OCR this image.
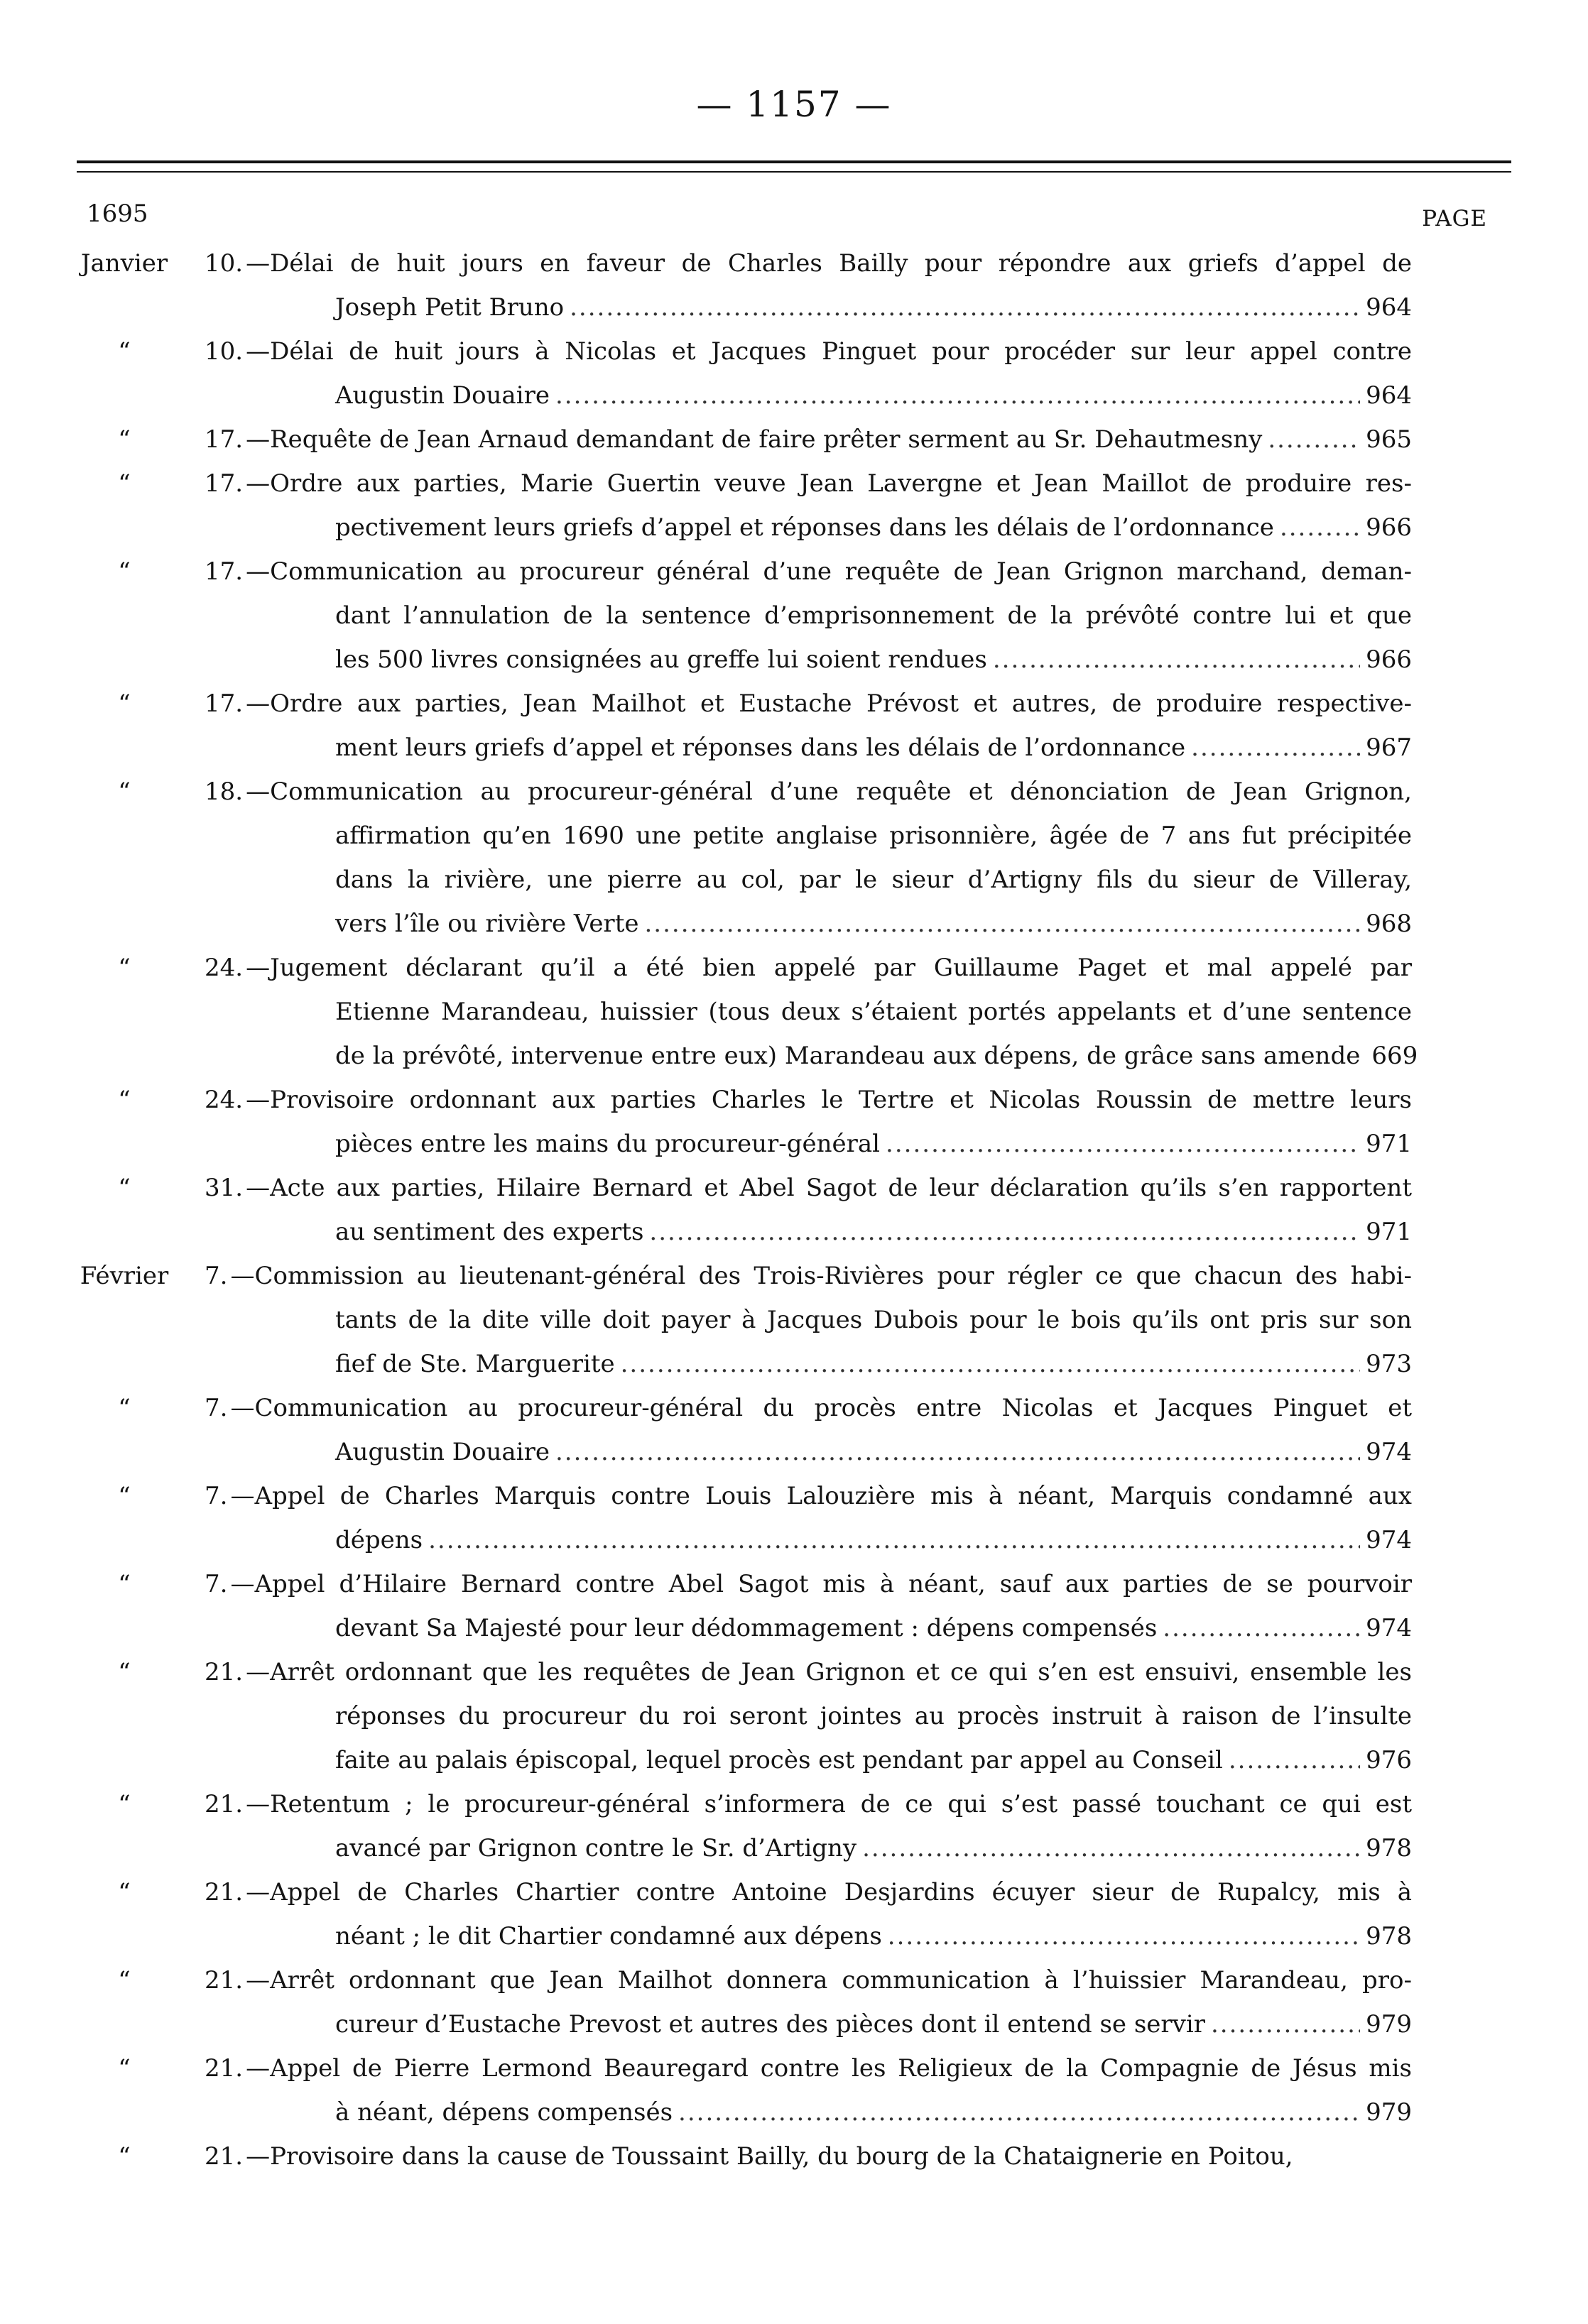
— 1157 —
1695	PAGE
Janvier	10. —Délai de huit jours en faveur de Charles Bailly pour répondre aux griefs d’appel de
Joseph Petit Bruno .....	964
“	10. —Délai de huit jours à Nicolas et Jacques Pinguet pour procéder sur leur appel contre
Augustin Douaire .....	964
“	17. —Requête de Jean Arnaud demandant de faire prêter serment au Sr. Dehautmesny .....	965
“	17. —Ordre aux parties, Marie Guertin veuve Jean Lavergne et Jean Maillot de produire res-
pectivement leurs griefs d’appel et réponses dans les délais de l’ordonnance .....	966
“	17. —Communication au procureur général d’une requête de Jean Grignon marchand, deman-
dant l’annulation de la sentence d’emprisonnement de la prévôté contre lui et que
les 500 livres consignées au greffe lui soient rendues .....	966
“	17. —Ordre aux parties, Jean Mailhot et Eustache Prévost et autres, de produire respective-
ment leurs griefs d’appel et réponses dans les délais de l’ordonnance .....	967
“	18. —Communication au procureur-général d’une requête et dénonciation de Jean Grignon,
affirmation qu’en 1690 une petite anglaise prisonnière, âgée de 7 ans fut précipitée
dans la rivière, une pierre au col, par le sieur d’Artigny fils du sieur de Villeray,
vers l’île ou rivière Verte .....	968
“	24. —Jugement déclarant qu’il a été bien appelé par Guillaume Paget et mal appelé par
Etienne Marandeau, huissier (tous deux s’étaient portés appelants et d’une sentence
de la prévôté, intervenue entre eux) Marandeau aux dépens, de grâce sans amende 669
“	24. —Provisoire ordonnant aux parties Charles le Tertre et Nicolas Roussin de mettre leurs
pièces entre les mains du procureur-général .....	971
“	31. —Acte aux parties, Hilaire Bernard et Abel Sagot de leur déclaration qu’ils s’en rapportent
au sentiment des experts .....	971
Février	7. —Commission au lieutenant-général des Trois-Rivières pour régler ce que chacun des habi-
tants de la dite ville doit payer à Jacques Dubois pour le bois qu’ils ont pris sur son
fief de Ste. Marguerite .....	973
“	7. —Communication au procureur-général du procès entre Nicolas et Jacques Pinguet et
Augustin Douaire .....	974
“	7. —Appel de Charles Marquis contre Louis Lalouzière mis à néant, Marquis condamné aux
dépens .....	974
“	7. —Appel d’Hilaire Bernard contre Abel Sagot mis à néant, sauf aux parties de se pourvoir
devant Sa Majesté pour leur dédommagement : dépens compensés .....	974
“	21. —Arrêt ordonnant que les requêtes de Jean Grignon et ce qui s’en est ensuivi, ensemble les
réponses du procureur du roi seront jointes au procès instruit à raison de l’insulte
faite au palais épiscopal, lequel procès est pendant par appel au Conseil .....	976
“	21. —Retentum ; le procureur-général s’informera de ce qui s’est passé touchant ce qui est
avancé par Grignon contre le Sr. d’Artigny .....	978
“	21. —Appel de Charles Chartier contre Antoine Desjardins écuyer sieur de Rupalcy, mis à
néant ; le dit Chartier condamné aux dépens .....	978
“	21. —Arrêt ordonnant que Jean Mailhot donnera communication à l’huissier Marandeau, pro-
cureur d’Eustache Prevost et autres des pièces dont il entend se servir .....	979
“	21. —Appel de Pierre Lermond Beauregard contre les Religieux de la Compagnie de Jésus mis
à néant, dépens compensés .....	979
“	21. —Provisoire dans la cause de Toussaint Bailly, du bourg de la Chataignerie en Poitou,
